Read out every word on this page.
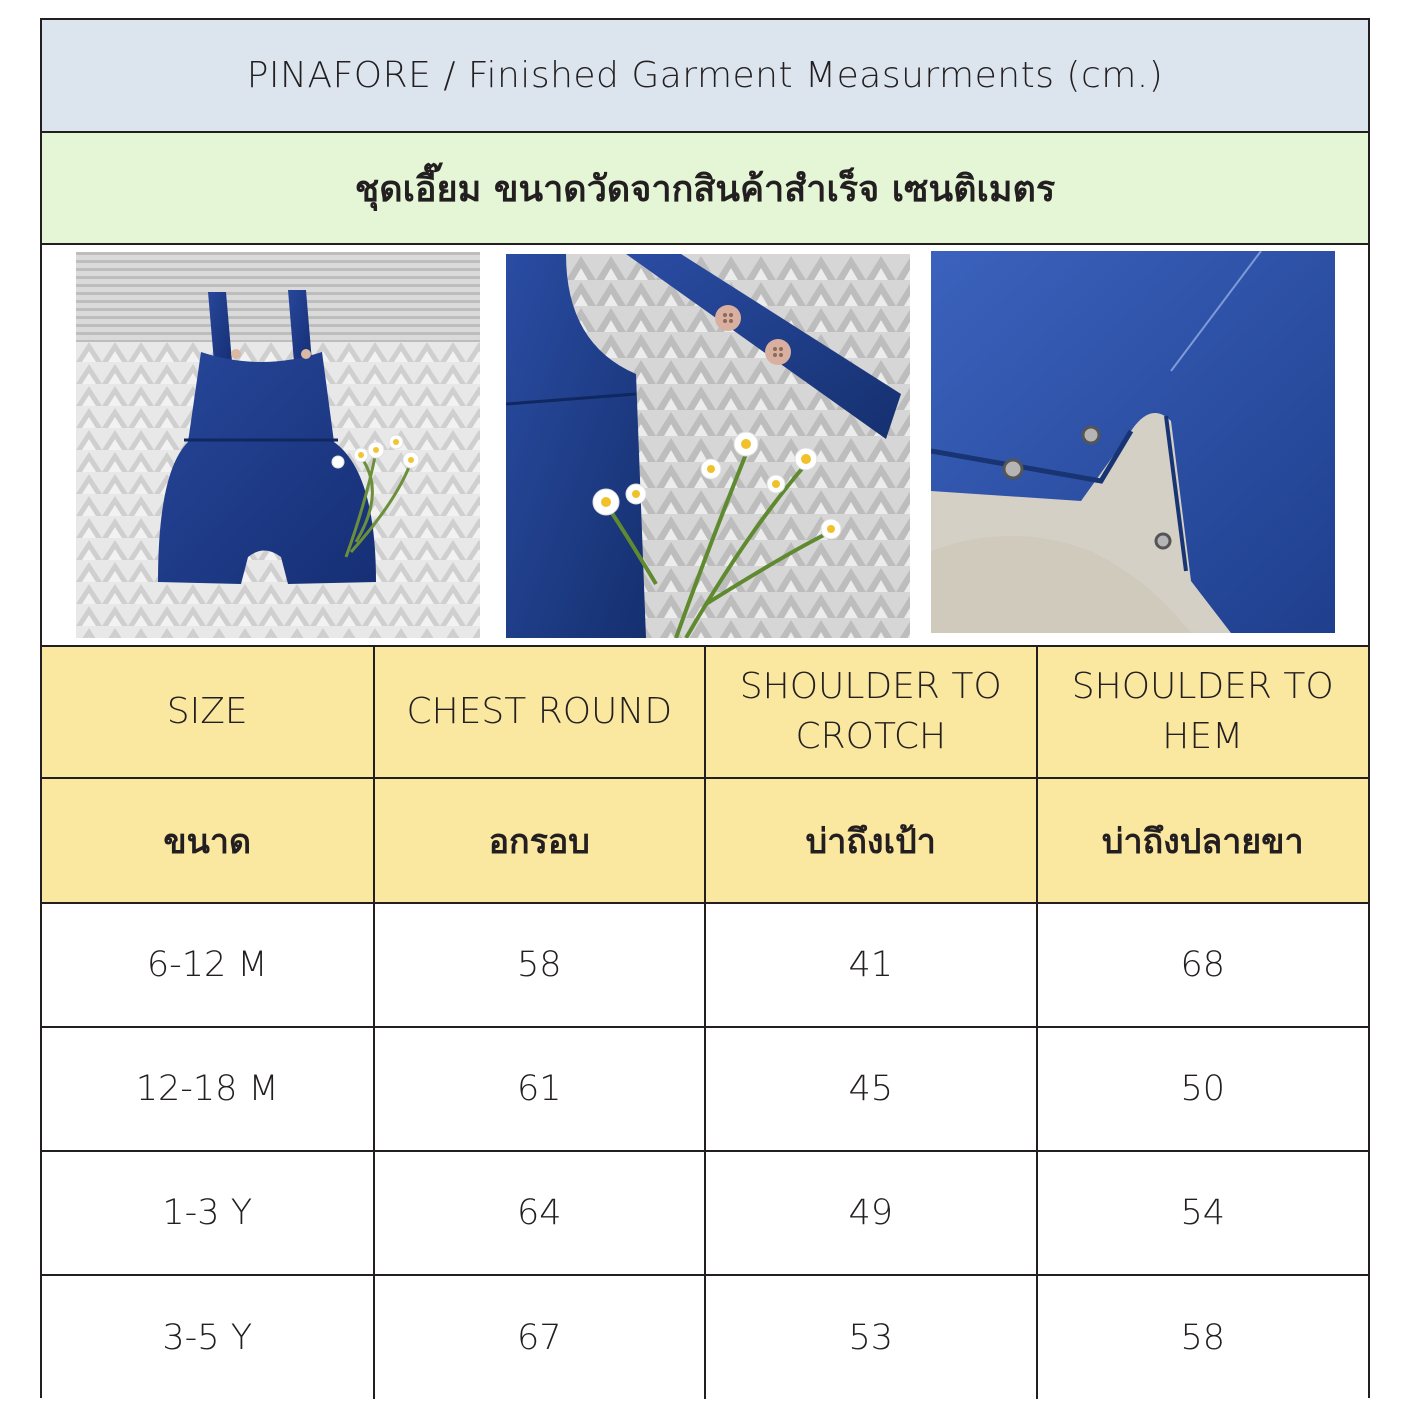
PINAFORE / Finished Garment Measurments (cm.)
ชุดเอี๊ยม ขนาดวัดจากสินค้าสำเร็จ เซนติเมตร
SIZE	CHEST ROUND	SHOULDER TO CROTCH	SHOULDER TO HEM
ขนาด	อกรอบ	บ่าถึงเป้า	บ่าถึงปลายขา
6-12 M	58	41	68
12-18 M	61	45	50
1-3 Y	64	49	54
3-5 Y	67	53	58
